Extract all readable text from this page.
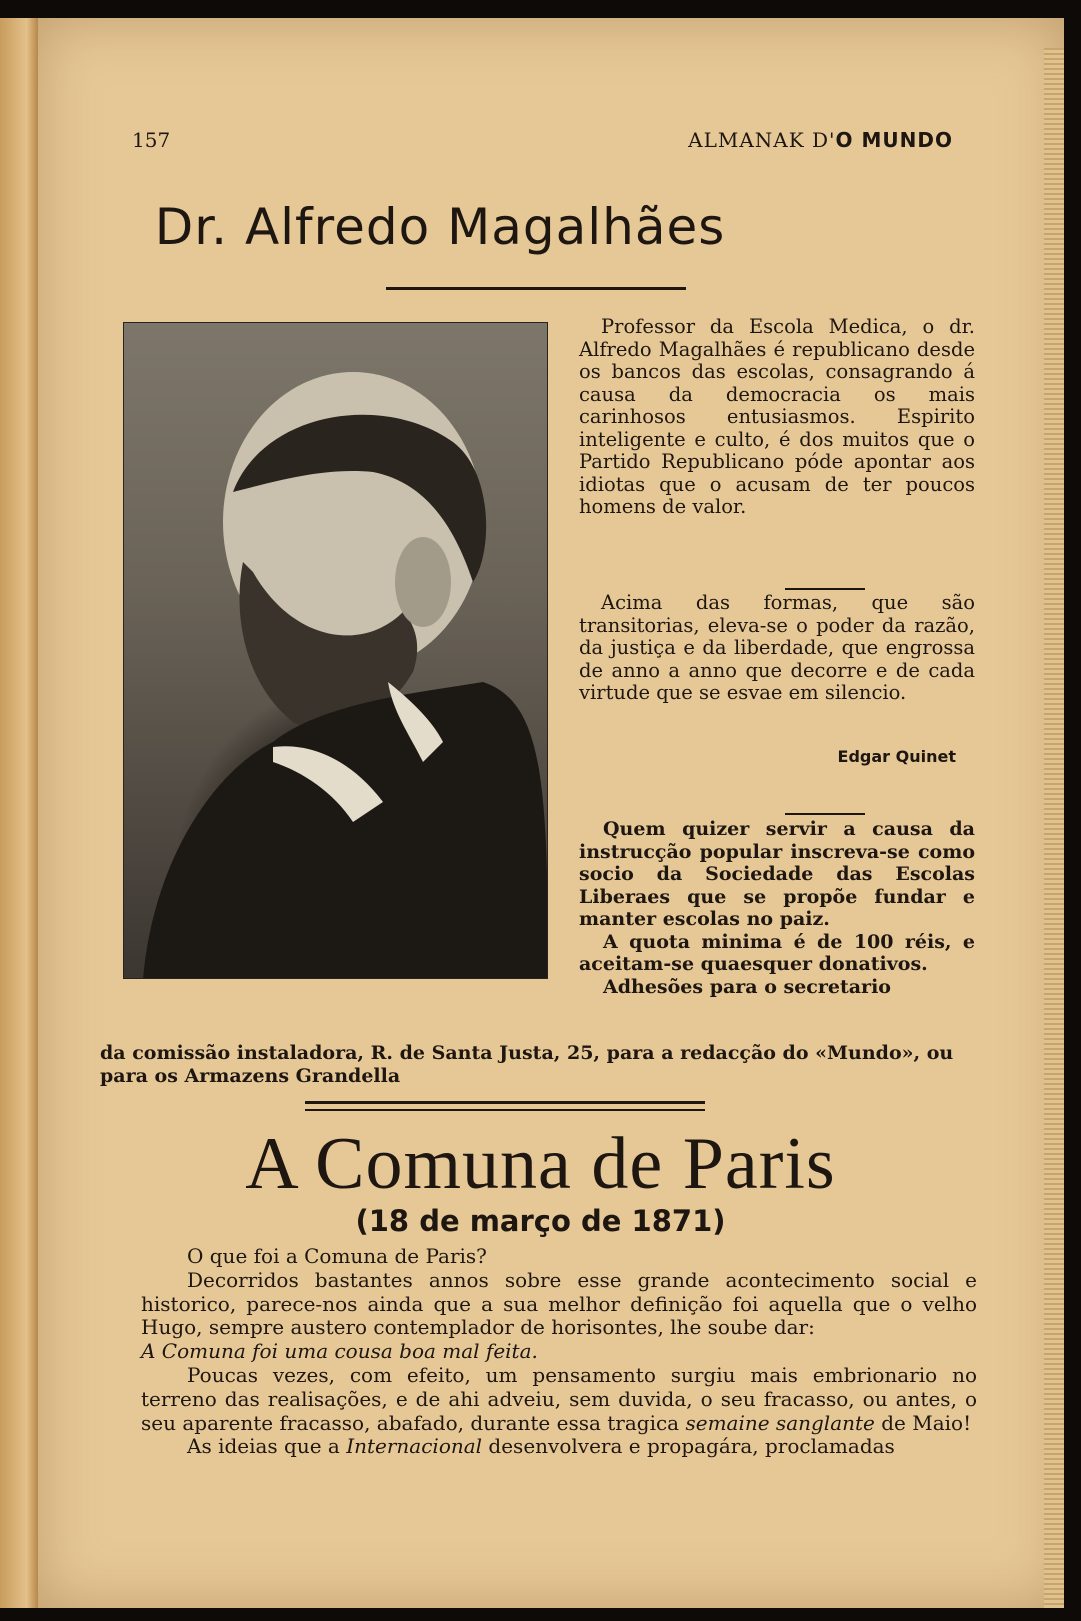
157	ALMANAK D'O MUNDO
Dr. Alfredo Magalhães

Professor da Escola Medica, o dr. Alfredo Magalhães é republicano desde os bancos das escolas, consagrando á causa da democracia os mais carinhosos entusiasmos. Espirito inteligente e culto, é dos muitos que o Partido Republicano póde apontar aos idiotas que o acusam de ter poucos homens de valor.

Acima das formas, que são transitorias, eleva-se o poder da razão, da justiça e da liberdade, que engrossa de anno a anno que decorre e de cada virtude que se esvae em silencio.

Edgar Quinet

Quem quizer servir a causa da instrucção popular inscreva-se como socio da Sociedade das Escolas Liberaes que se propõe fundar e manter escolas no paiz.

A quota minima é de 100 réis, e aceitam-se quaesquer donativos.

Adhesões para o secretario

da comissão instaladora, R. de Santa Justa, 25, para a redacção do «Mundo», ou para os Armazens Grandella
A Comuna de Paris
(18 de março de 1871)

O que foi a Comuna de Paris?

Decorridos bastantes annos sobre esse grande acontecimento social e historico, parece-nos ainda que a sua melhor definição foi aquella que o velho Hugo, sempre austero contemplador de horisontes, lhe soube dar:
A Comuna foi uma cousa boa mal feita.

Poucas vezes, com efeito, um pensamento surgiu mais embrionario no terreno das realisações, e de ahi adveiu, sem duvida, o seu fracasso, ou antes, o seu aparente fracasso, abafado, durante essa tragica semaine sanglante de Maio!

As ideias que a Internacional desenvolvera e propagára, proclamadas
